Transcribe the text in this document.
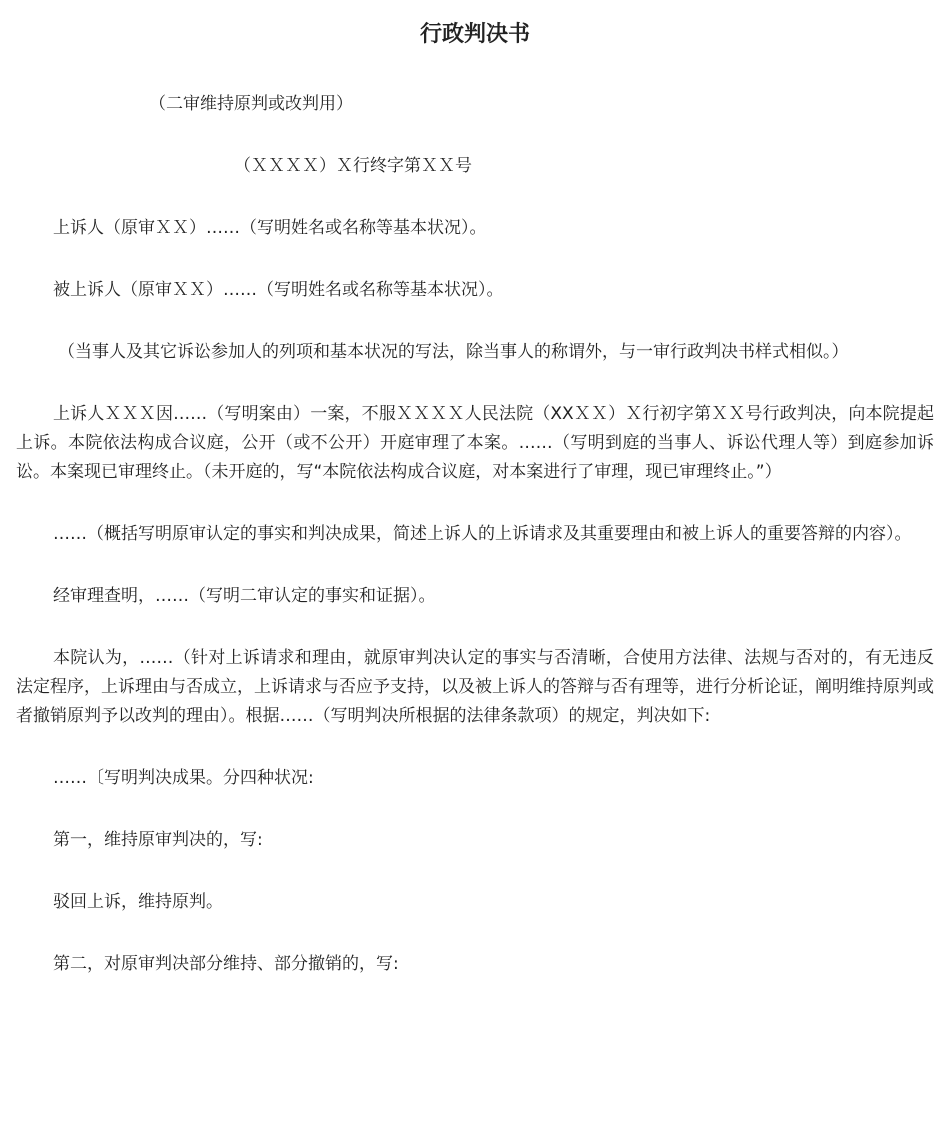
行政判决书

（二审维持原判或改判用）

（ＸＸＸＸ）Ｘ行终字第ＸＸ号

上诉人（原审ＸＸ）……（写明姓名或名称等基本状况）。

被上诉人（原审ＸＸ）……（写明姓名或名称等基本状况）。

（当事人及其它诉讼参加人的列项和基本状况的写法，除当事人的称谓外，与一审行政判决书样式相似。）

上诉人ＸＸＸ因……（写明案由）一案，不服ＸＸＸＸ人民法院（XXＸＸ）Ｘ行初字第ＸＸ号行政判决，向本院提起上诉。本院依法构成合议庭，公开（或不公开）开庭审理了本案。……（写明到庭的当事人、诉讼代理人等）到庭参加诉讼。本案现已审理终止。（未开庭的，写“本院依法构成合议庭，对本案进行了审理，现已审理终止。”）

……（概括写明原审认定的事实和判决成果，简述上诉人的上诉请求及其重要理由和被上诉人的重要答辩的内容）。

经审理查明，……（写明二审认定的事实和证据）。

本院认为，……（针对上诉请求和理由，就原审判决认定的事实与否清晰，合使用方法律、法规与否对的，有无违反法定程序，上诉理由与否成立，上诉请求与否应予支持，以及被上诉人的答辩与否有理等，进行分析论证，阐明维持原判或者撤销原判予以改判的理由）。根据……（写明判决所根据的法律条款项）的规定，判决如下:

……〔写明判决成果。分四种状况:

第一，维持原审判决的，写:

驳回上诉，维持原判。

第二，对原审判决部分维持、部分撤销的，写:
